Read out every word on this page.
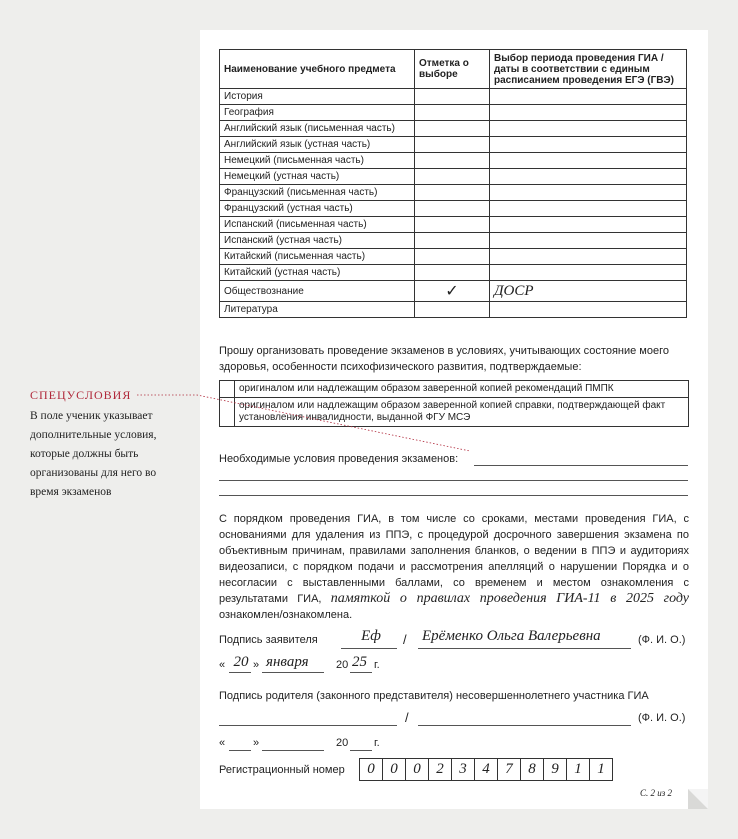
Наименование учебного предмета	Отметка о выборе	Выбор периода проведения ГИА / даты в соответствии с единым расписанием проведения ЕГЭ (ГВЭ)
История		
География		
Английский язык (письменная часть)		
Английский язык (устная часть)		
Немецкий (письменная часть)		
Немецкий (устная часть)		
Французский (письменная часть)		
Французский (устная часть)		
Испанский (письменная часть)		
Испанский (устная часть)		
Китайский (письменная часть)		
Китайский (устная часть)		
Обществознание	✓	ДОСР
Литература		
Прошу организовать проведение экзаменов в условиях, учитывающих состояние моего здоровья, особенности психофизического развития, подтверждаемые:
	оригиналом или надлежащим образом заверенной копией рекомендаций ПМПК
	оригиналом или надлежащим образом заверенной копией справки, подтверждающей факт установления инвалидности, выданной ФГУ МСЭ
Необходимые условия проведения экзаменов:
СПЕЦУСЛОВИЯ
В поле ученик указывает дополнительные условия, которые должны быть организованы для него во время экзаменов
С порядком проведения ГИА, в том числе со сроками, местами проведения ГИА, с основаниями для удаления из ППЭ, с процедурой досрочного завершения экзамена по объективным причинам, правилами заполнения бланков, о ведении в ППЭ и аудиториях видеозаписи, с порядком подачи и рассмотрения апелляций о нарушении Порядка и о несогласии с выставленными баллами, со временем и местом ознакомления с результатами ГИА, памяткой о правилах проведения ГИА-11 в 2025 году ознакомлен/ознакомлена.
Подпись заявителя	Еф	/ Ерёменко Ольга Валерьевна	(Ф. И. О.)
« 20 » января 20 25 г.
Подпись родителя (законного представителя) несовершеннолетнего участника ГИА
/	(Ф. И. О.)
«	»	20 г.
Регистрационный номер	0	0	0	2	3	4	7	8	9	1	1
С. 2 из 2
